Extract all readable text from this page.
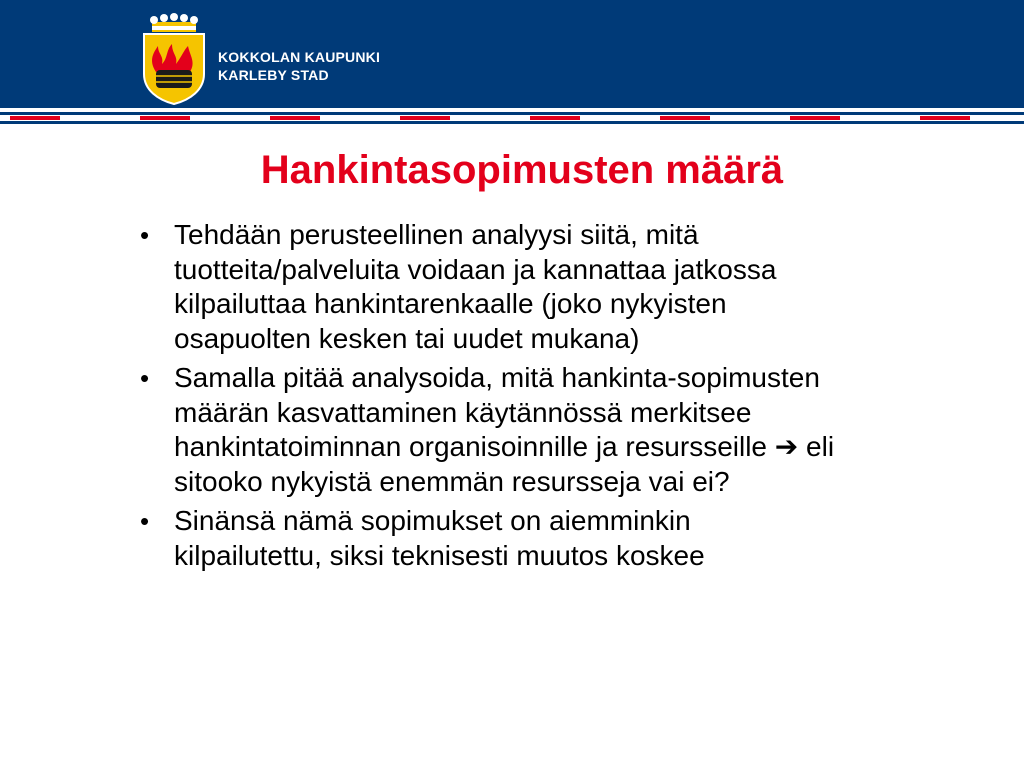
KOKKOLAN KAUPUNKI
KARLEBY STAD
Hankintasopimusten määrä
• Tehdään perusteellinen analyysi siitä, mitä tuotteita/palveluita voidaan ja kannattaa jatkossa kilpailuttaa hankintarenkaalle (joko nykyisten osapuolten kesken tai uudet mukana)
• Samalla pitää analysoida, mitä hankinta-sopimusten määrän kasvattaminen käytännössä merkitsee hankintatoiminnan organisoinnille ja resursseille ➔ eli sitooko nykyistä enemmän resursseja vai ei?
• Sinänsä nämä sopimukset on aiemminkin kilpailutettu, siksi teknisesti muutos koskee
